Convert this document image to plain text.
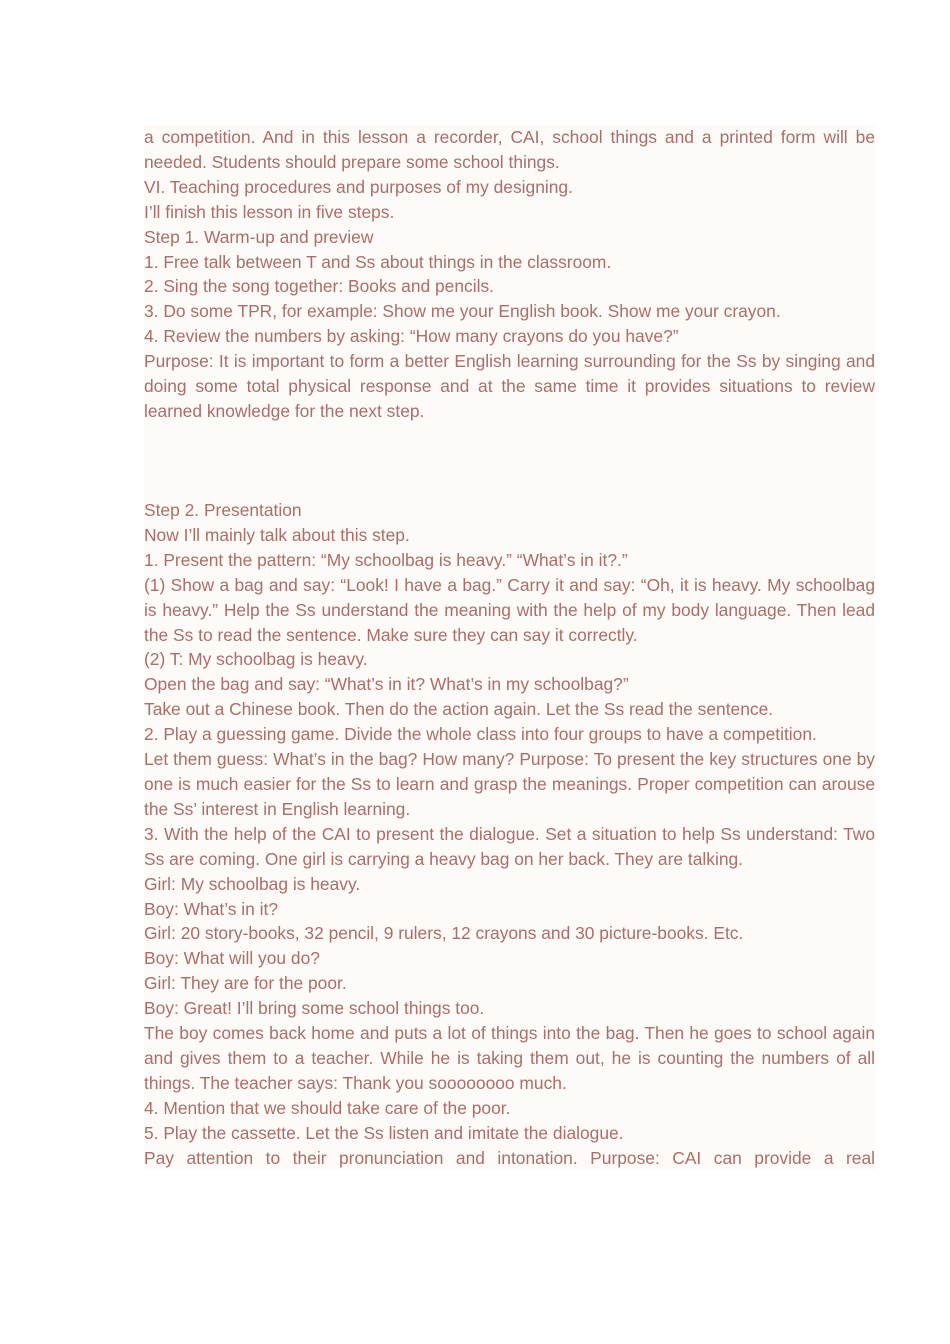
a competition. And in this lesson a recorder, CAI, school things and a printed form will be needed. Students should prepare some school things.
VI. Teaching procedures and purposes of my designing.
I’ll finish this lesson in five steps.
Step 1. Warm-up and preview
1. Free talk between T and Ss about things in the classroom.
2. Sing the song together: Books and pencils.
3. Do some TPR, for example: Show me your English book. Show me your crayon.
4. Review the numbers by asking: “How many crayons do you have?”
Purpose: It is important to form a better English learning surrounding for the Ss by singing and doing some total physical response and at the same time it provides situations to review learned knowledge for the next step.
Step 2. Presentation
Now I’ll mainly talk about this step.
1. Present the pattern: “My schoolbag is heavy.” “What’s in it?.”
(1) Show a bag and say: “Look! I have a bag.” Carry it and say: “Oh, it is heavy. My schoolbag is heavy.” Help the Ss understand the meaning with the help of my body language. Then lead the Ss to read the sentence. Make sure they can say it correctly.
(2) T: My schoolbag is heavy.
Open the bag and say: “What’s in it? What’s in my schoolbag?”
Take out a Chinese book. Then do the action again. Let the Ss read the sentence.
2. Play a guessing game. Divide the whole class into four groups to have a competition.
Let them guess: What’s in the bag? How many? Purpose: To present the key structures one by one is much easier for the Ss to learn and grasp the meanings. Proper competition can arouse the Ss’ interest in English learning.
3. With the help of the CAI to present the dialogue. Set a situation to help Ss understand: Two Ss are coming. One girl is carrying a heavy bag on her back. They are talking.
Girl: My schoolbag is heavy.
Boy: What’s in it?
Girl: 20 story-books, 32 pencil, 9 rulers, 12 crayons and 30 picture-books. Etc.
Boy: What will you do?
Girl: They are for the poor.
Boy: Great! I’ll bring some school things too.
The boy comes back home and puts a lot of things into the bag. Then he goes to school again and gives them to a teacher. While he is taking them out, he is counting the numbers of all things. The teacher says: Thank you soooooooo much.
4. Mention that we should take care of the poor.
5. Play the cassette. Let the Ss listen and imitate the dialogue.
Pay attention to their pronunciation and intonation. Purpose: CAI can provide a real
